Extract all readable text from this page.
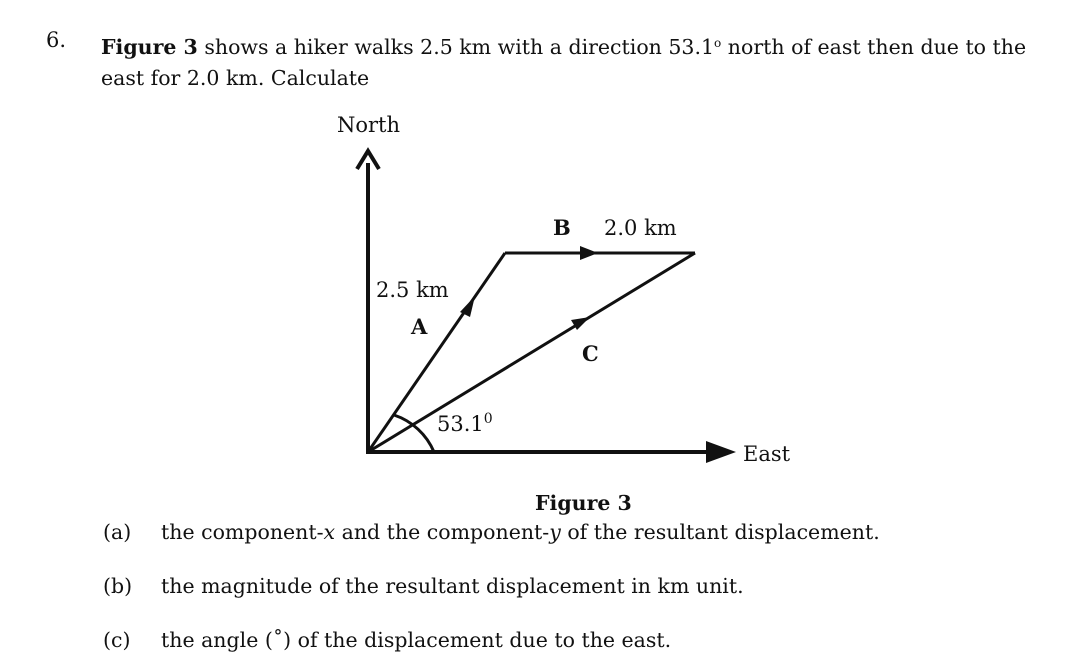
6. Figure 3 shows a hiker walks 2.5 km with a direction 53.1$^o$ north of east then due to the east for 2.0 km. Calculate
North
East
2.5 km
A
B 2.0 km
C
53.1$^0$
Figure 3
(a) the component-x and the component-y of the resultant displacement.
(b) the magnitude of the resultant displacement in km unit.
(c) the angle (˚) of the displacement due to the east.
